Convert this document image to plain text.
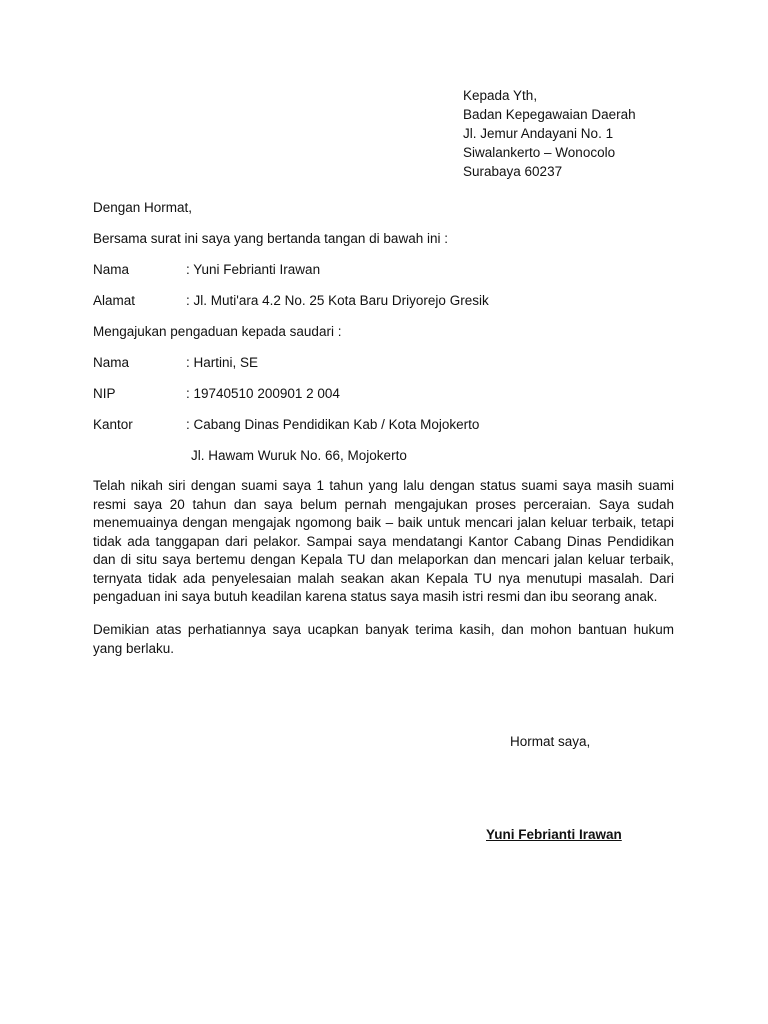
Kepada Yth,
Badan Kepegawaian Daerah
Jl. Jemur Andayani No. 1
Siwalankerto – Wonocolo
Surabaya 60237
Dengan Hormat,
Bersama surat ini saya yang bertanda tangan di bawah ini :
Nama	: Yuni Febrianti Irawan
Alamat	: Jl. Muti'ara 4.2 No. 25 Kota Baru Driyorejo Gresik
Mengajukan pengaduan kepada saudari :
Nama	: Hartini, SE
NIP	: 19740510 200901 2 004
Kantor	: Cabang Dinas Pendidikan Kab / Kota Mojokerto
Jl. Hawam Wuruk No. 66, Mojokerto
Telah nikah siri dengan suami saya 1 tahun yang lalu dengan status suami saya masih suami resmi saya 20 tahun dan saya belum pernah mengajukan proses perceraian. Saya sudah menemuainya dengan mengajak ngomong baik – baik untuk mencari jalan keluar terbaik, tetapi tidak ada tanggapan dari pelakor. Sampai saya mendatangi Kantor Cabang Dinas Pendidikan dan di situ saya bertemu dengan Kepala TU dan melaporkan dan mencari jalan keluar terbaik, ternyata tidak ada penyelesaian malah seakan akan Kepala TU nya menutupi masalah. Dari pengaduan ini saya butuh keadilan karena status saya masih istri resmi dan ibu seorang anak.
Demikian atas perhatiannya saya ucapkan banyak terima kasih, dan mohon bantuan hukum yang berlaku.
Hormat saya,
Yuni Febrianti Irawan
